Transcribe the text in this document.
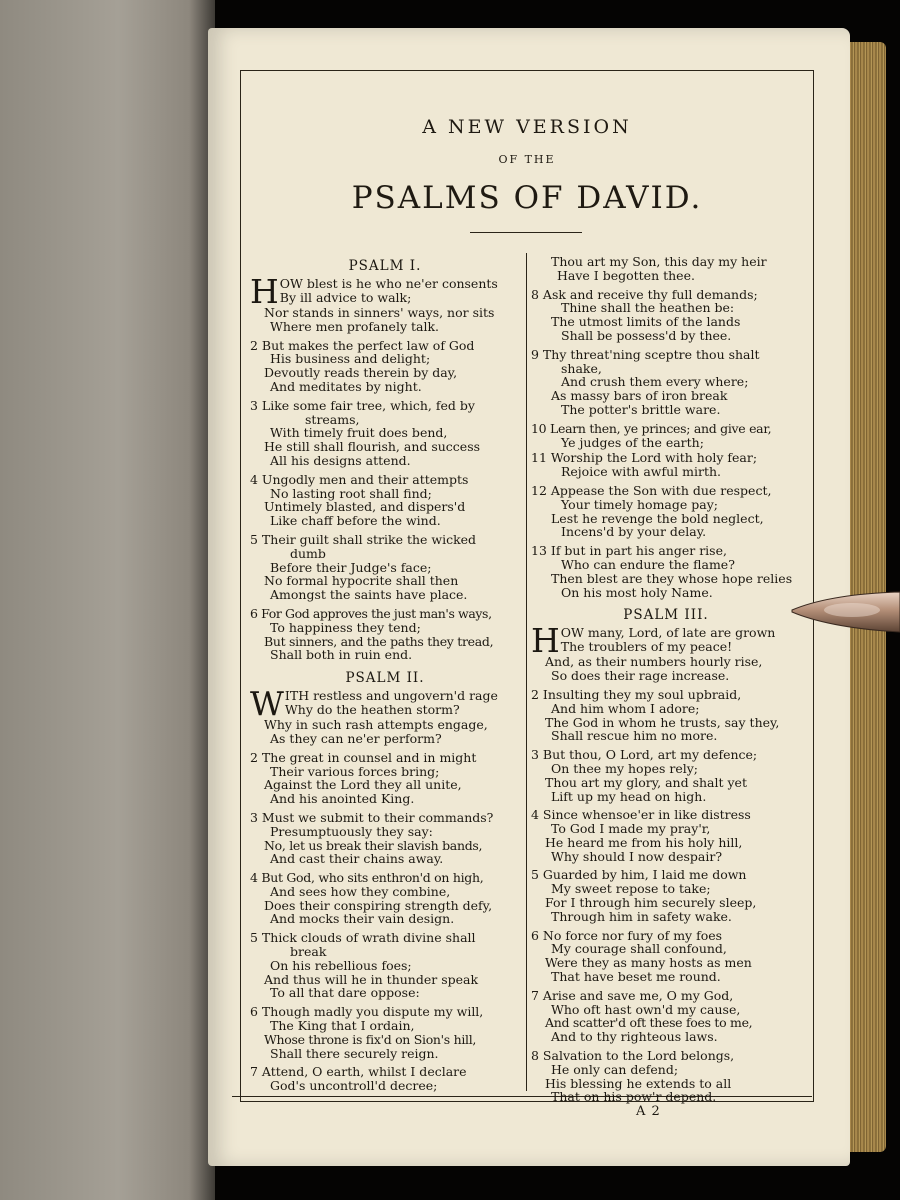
A NEW VERSION
OF THE
PSALMS OF DAVID.
PSALM I.
H OW blest is he who ne'er consents
By ill advice to walk;
Nor stands in sinners' ways, nor sits
Where men profanely talk.
2 But makes the perfect law of God
His business and delight;
Devoutly reads therein by day,
And meditates by night.
3 Like some fair tree, which, fed by
streams,
With timely fruit does bend,
He still shall flourish, and success
All his designs attend.
4 Ungodly men and their attempts
No lasting root shall find;
Untimely blasted, and dispers'd
Like chaff before the wind.
5 Their guilt shall strike the wicked
dumb
Before their Judge's face;
No formal hypocrite shall then
Amongst the saints have place.
6 For God approves the just man's ways,
To happiness they tend;
But sinners, and the paths they tread,
Shall both in ruin end.
PSALM II.
W ITH restless and ungovern'd rage
Why do the heathen storm?
Why in such rash attempts engage,
As they can ne'er perform?
2 The great in counsel and in might
Their various forces bring;
Against the Lord they all unite,
And his anointed King.
3 Must we submit to their commands?
Presumptuously they say:
No, let us break their slavish bands,
And cast their chains away.
4 But God, who sits enthron'd on high,
And sees how they combine,
Does their conspiring strength defy,
And mocks their vain design.
5 Thick clouds of wrath divine shall
break
On his rebellious foes;
And thus will he in thunder speak
To all that dare oppose:
6 Though madly you dispute my will,
The King that I ordain,
Whose throne is fix'd on Sion's hill,
Shall there securely reign.
7 Attend, O earth, whilst I declare
God's uncontroll'd decree;
Thou art my Son, this day my heir
Have I begotten thee.
8 Ask and receive thy full demands;
Thine shall the heathen be:
The utmost limits of the lands
Shall be possess'd by thee.
9 Thy threat'ning sceptre thou shalt
shake,
And crush them every where;
As massy bars of iron break
The potter's brittle ware.
10 Learn then, ye princes; and give ear,
Ye judges of the earth;
11 Worship the Lord with holy fear;
Rejoice with awful mirth.
12 Appease the Son with due respect,
Your timely homage pay;
Lest he revenge the bold neglect,
Incens'd by your delay.
13 If but in part his anger rise,
Who can endure the flame?
Then blest are they whose hope relies
On his most holy Name.
PSALM III.
H OW many, Lord, of late are grown
The troublers of my peace!
And, as their numbers hourly rise,
So does their rage increase.
2 Insulting they my soul upbraid,
And him whom I adore;
The God in whom he trusts, say they,
Shall rescue him no more.
3 But thou, O Lord, art my defence;
On thee my hopes rely;
Thou art my glory, and shalt yet
Lift up my head on high.
4 Since whensoe'er in like distress
To God I made my pray'r,
He heard me from his holy hill,
Why should I now despair?
5 Guarded by him, I laid me down
My sweet repose to take;
For I through him securely sleep,
Through him in safety wake.
6 No force nor fury of my foes
My courage shall confound,
Were they as many hosts as men
That have beset me round.
7 Arise and save me, O my God,
Who oft hast own'd my cause,
And scatter'd oft these foes to me,
And to thy righteous laws.
8 Salvation to the Lord belongs,
He only can defend;
His blessing he extends to all
That on his pow'r depend.
A 2
